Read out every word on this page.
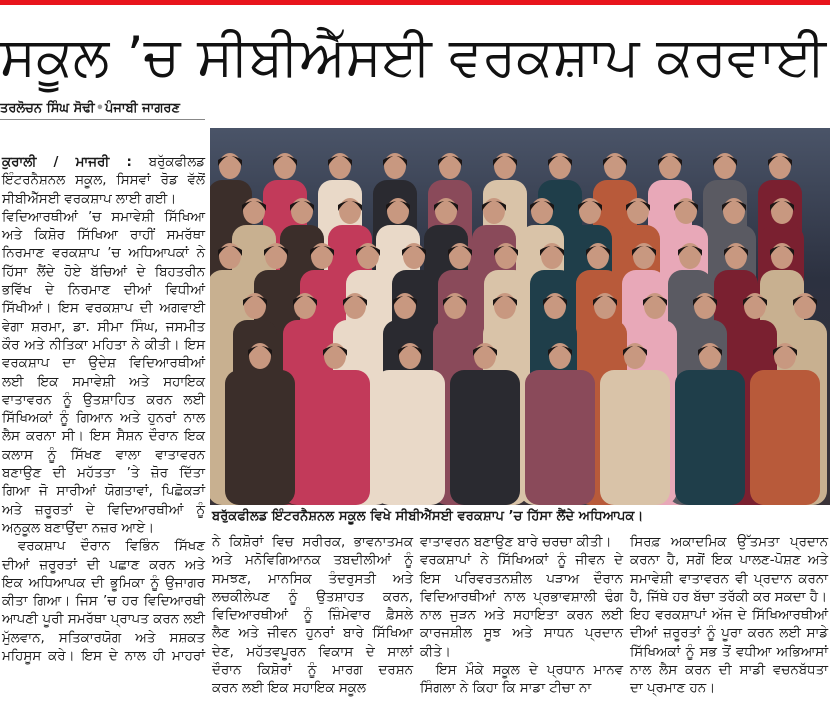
ਸਕੂਲ ’ਚ ਸੀਬੀਐੱਸਈ ਵਰਕਸ਼ਾਪ ਕਰਵਾਈ
ਤਰਲੋਚਨ ਸਿੰਘ ਸੋਢੀ•ਪੰਜਾਬੀ ਜਾਗਰਣ
ਕੁਰਾਲੀ / ਮਾਜਰੀ : ਬਰੁੱਕਫੀਲਡ
ਇੰਟਰਨੈਸ਼ਨਲ ਸਕੂਲ, ਸਿਸਵਾਂ ਰੋਡ ਵੱਲੋਂ
ਸੀਬੀਐੱਸਈ ਵਰਕਸ਼ਾਪ ਲਾਈ ਗਈ।
ਵਿਦਿਆਰਥੀਆਂ ’ਚ ਸਮਾਵੇਸ਼ੀ ਸਿੱਖਿਆ
ਅਤੇ ਕਿਸ਼ੋਰ ਸਿੱਖਿਆ ਰਾਹੀਂ ਸਮਰੱਥਾ
ਨਿਰਮਾਣ ਵਰਕਸ਼ਾਪ ’ਚ ਅਧਿਆਪਕਾਂ ਨੇ
ਹਿੱਸਾ ਲੈਂਦੇ ਹੋਏ ਬੱਚਿਆਂ ਦੇ ਬਿਹਤਰੀਨ
ਭਵਿੱਖ ਦੇ ਨਿਰਮਾਣ ਦੀਆਂ ਵਿਧੀਆਂ
ਸਿੱਖੀਆਂ। ਇਸ ਵਰਕਸ਼ਾਪ ਦੀ ਅਗਵਾਈ
ਵੇਗਾ ਸ਼ਰਮਾ, ਡਾ. ਸੀਮਾ ਸਿੰਘ, ਜਸਮੀਤ
ਕੌਰ ਅਤੇ ਨੀਤਿਕਾ ਮਹਿਤਾ ਨੇ ਕੀਤੀ। ਇਸ
ਵਰਕਸ਼ਾਪ ਦਾ ਉਦੇਸ਼ ਵਿਦਿਆਰਥੀਆਂ
ਲਈ ਇਕ ਸਮਾਵੇਸ਼ੀ ਅਤੇ ਸਹਾਇਕ
ਵਾਤਾਵਰਨ ਨੂੰ ਉਤਸ਼ਾਹਿਤ ਕਰਨ ਲਈ
ਸਿੱਖਿਅਕਾਂ ਨੂੰ ਗਿਆਨ ਅਤੇ ਹੁਨਰਾਂ ਨਾਲ
ਲੈਸ ਕਰਨਾ ਸੀ। ਇਸ ਸੈਸ਼ਨ ਦੌਰਾਨ ਇਕ
ਕਲਾਸ ਨੂੰ ਸਿੱਖਣ ਵਾਲਾ ਵਾਤਾਵਰਨ
ਬਣਾਉਣ ਦੀ ਮਹੱਤਤਾ ’ਤੇ ਜ਼ੋਰ ਦਿੱਤਾ
ਗਿਆ ਜੋ ਸਾਰੀਆਂ ਯੋਗਤਾਵਾਂ, ਪਿਛੋਕੜਾਂ
ਅਤੇ ਜ਼ਰੂਰਤਾਂ ਦੇ ਵਿਦਿਆਰਥੀਆਂ ਨੂੰ
ਅਨੁਕੂਲ ਬਣਾਉਂਦਾ ਨਜ਼ਰ ਆਏ।
ਵਰਕਸ਼ਾਪ ਦੌਰਾਨ ਵਿਭਿੰਨ ਸਿੱਖਣ
ਦੀਆਂ ਜ਼ਰੂਰਤਾਂ ਦੀ ਪਛਾਣ ਕਰਨ ਅਤੇ
ਇਕ ਅਧਿਆਪਕ ਦੀ ਭੂਮਿਕਾ ਨੂੰ ਉਜਾਗਰ
ਕੀਤਾ ਗਿਆ। ਜਿਸ ’ਚ ਹਰ ਵਿਦਿਆਰਥੀ
ਆਪਣੀ ਪੂਰੀ ਸਮਰੱਥਾ ਪ੍ਰਾਪਤ ਕਰਨ ਲਈ
ਮੁੱਲਵਾਨ, ਸਤਿਕਾਰਯੋਗ ਅਤੇ ਸਸ਼ਕਤ
ਮਹਿਸੂਸ ਕਰੇ। ਇਸ ਦੇ ਨਾਲ ਹੀ ਮਾਹਰਾਂ
ਬਰੁੱਕਫੀਲਡ ਇੰਟਰਨੈਸ਼ਨਲ ਸਕੂਲ ਵਿਖੇ ਸੀਬੀਐੱਸਈ ਵਰਕਸ਼ਾਪ ’ਚ ਹਿੱਸਾ ਲੈਂਦੇ ਅਧਿਆਪਕ।
ਨੇ ਕਿਸ਼ੋਰਾਂ ਵਿਚ ਸਰੀਰਕ, ਭਾਵਨਾਤਮਕ
ਅਤੇ ਮਨੋਵਿਗਿਆਨਕ ਤਬਦੀਲੀਆਂ ਨੂੰ
ਸਮਝਣ, ਮਾਨਸਿਕ ਤੰਦਰੁਸਤੀ ਅਤੇ
ਲਚਕੀਲੇਪਣ ਨੂੰ ਉਤਸ਼ਾਹਤ ਕਰਨ,
ਵਿਦਿਆਰਥੀਆਂ ਨੂੰ ਜ਼ਿੰਮੇਵਾਰ ਫ਼ੈਸਲੇ
ਲੈਣ ਅਤੇ ਜੀਵਨ ਹੁਨਰਾਂ ਬਾਰੇ ਸਿੱਖਿਆ
ਦੇਣ, ਮਹੱਤਵਪੂਰਨ ਵਿਕਾਸ ਦੇ ਸਾਲਾਂ
ਦੌਰਾਨ ਕਿਸ਼ੋਰਾਂ ਨੂੰ ਮਾਰਗ ਦਰਸ਼ਨ
ਕਰਨ ਲਈ ਇਕ ਸਹਾਇਕ ਸਕੂਲ
ਵਾਤਾਵਰਨ ਬਣਾਉਣ ਬਾਰੇ ਚਰਚਾ ਕੀਤੀ।
ਵਰਕਸ਼ਾਪਾਂ ਨੇ ਸਿੱਖਿਅਕਾਂ ਨੂੰ ਜੀਵਨ ਦੇ
ਇਸ ਪਰਿਵਰਤਨਸ਼ੀਲ ਪੜਾਅ ਦੌਰਾਨ
ਵਿਦਿਆਰਥੀਆਂ ਨਾਲ ਪ੍ਰਭਾਵਸ਼ਾਲੀ ਢੰਗ
ਨਾਲ ਜੁੜਨ ਅਤੇ ਸਹਾਇਤਾ ਕਰਨ ਲਈ
ਕਾਰਜਸ਼ੀਲ ਸੂਝ ਅਤੇ ਸਾਧਨ ਪ੍ਰਦਾਨ
ਕੀਤੇ।
ਇਸ ਮੌਕੇ ਸਕੂਲ ਦੇ ਪ੍ਰਧਾਨ ਮਾਨਵ
ਸਿੰਗਲਾ ਨੇ ਕਿਹਾ ਕਿ ਸਾਡਾ ਟੀਚਾ ਨਾ
ਸਿਰਫ਼ ਅਕਾਦਮਿਕ ਉੱਤਮਤਾ ਪ੍ਰਦਾਨ
ਕਰਨਾ ਹੈ, ਸਗੋਂ ਇਕ ਪਾਲਣ-ਪੋਸ਼ਣ ਅਤੇ
ਸਮਾਵੇਸ਼ੀ ਵਾਤਾਵਰਨ ਵੀ ਪ੍ਰਦਾਨ ਕਰਨਾ
ਹੈ, ਜਿੱਥੇ ਹਰ ਬੱਚਾ ਤਰੱਕੀ ਕਰ ਸਕਦਾ ਹੈ।
ਇਹ ਵਰਕਸ਼ਾਪਾਂ ਅੱਜ ਦੇ ਸਿੱਖਿਆਰਥੀਆਂ
ਦੀਆਂ ਜ਼ਰੂਰਤਾਂ ਨੂੰ ਪੂਰਾ ਕਰਨ ਲਈ ਸਾਡੇ
ਸਿੱਖਿਅਕਾਂ ਨੂੰ ਸਭ ਤੋਂ ਵਧੀਆ ਅਭਿਆਸਾਂ
ਨਾਲ ਲੈਸ ਕਰਨ ਦੀ ਸਾਡੀ ਵਚਨਬੱਧਤਾ
ਦਾ ਪ੍ਰਮਾਣ ਹਨ।
